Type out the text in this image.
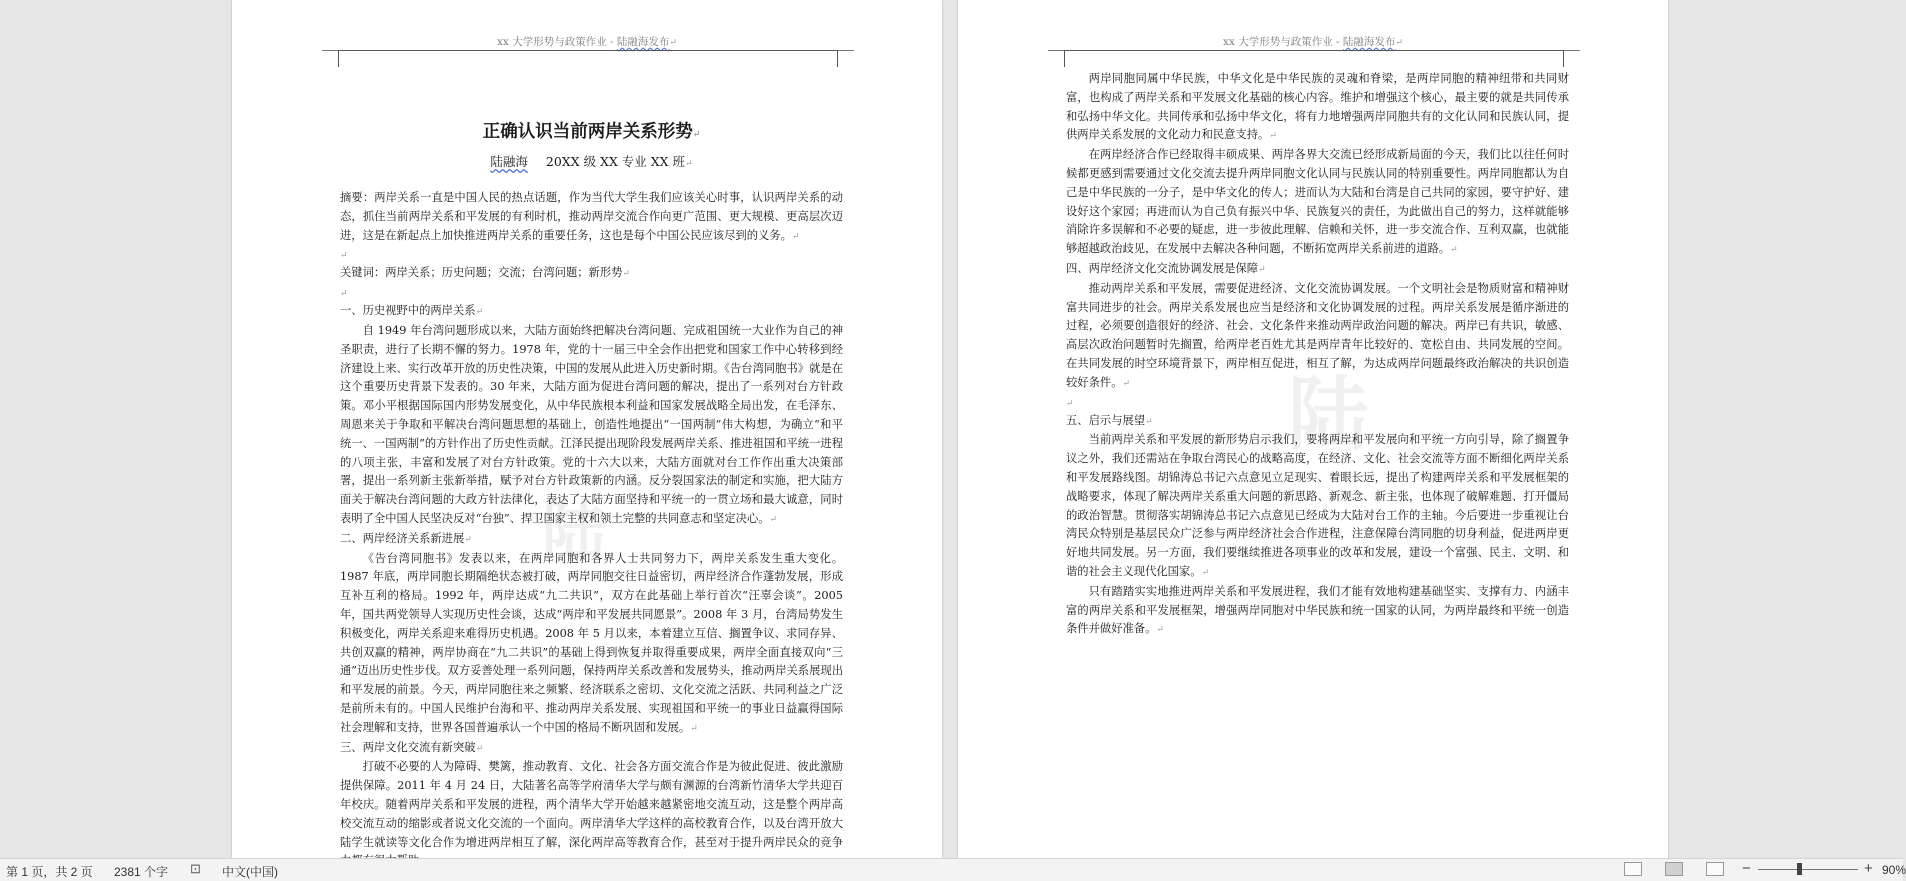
xx 大学形势与政策作业 - 陆融海发布↵
陆
正确认识当前两岸关系形势↵
陆融海 20XX 级 XX 专业 XX 班↵
摘要：两岸关系一直是中国人民的热点话题，作为当代大学生我们应该关心时事，认识两岸关系的动态，抓住当前两岸关系和平发展的有利时机，推动两岸交流合作向更广范围、更大规模、更高层次迈进，这是在新起点上加快推进两岸关系的重要任务，这也是每个中国公民应该尽到的义务。↵
↵
关键词：两岸关系；历史问题；交流；台湾问题；新形势↵
↵
一、历史视野中的两岸关系↵
自 1949 年台湾问题形成以来，大陆方面始终把解决台湾问题、完成祖国统一大业作为自己的神圣职责，进行了长期不懈的努力。1978 年，党的十一届三中全会作出把党和国家工作中心转移到经济建设上来、实行改革开放的历史性决策，中国的发展从此进入历史新时期。《告台湾同胞书》就是在这个重要历史背景下发表的。30 年来，大陆方面为促进台湾问题的解决，提出了一系列对台方针政策。邓小平根据国际国内形势发展变化，从中华民族根本利益和国家发展战略全局出发，在毛泽东、周恩来关于争取和平解决台湾问题思想的基础上，创造性地提出“一国两制”伟大构想，为确立“和平统一、一国两制”的方针作出了历史性贡献。江泽民提出现阶段发展两岸关系、推进祖国和平统一进程的八项主张，丰富和发展了对台方针政策。党的十六大以来，大陆方面就对台工作作出重大决策部署，提出一系列新主张新举措，赋予对台方针政策新的内涵。反分裂国家法的制定和实施，把大陆方面关于解决台湾问题的大政方针法律化，表达了大陆方面坚持和平统一的一贯立场和最大诚意，同时表明了全中国人民坚决反对“台独”、捍卫国家主权和领土完整的共同意志和坚定决心。↵
二、两岸经济关系新进展↵
《告台湾同胞书》发表以来，在两岸同胞和各界人士共同努力下，两岸关系发生重大变化。1987 年底，两岸同胞长期隔绝状态被打破，两岸同胞交往日益密切，两岸经济合作蓬勃发展，形成互补互利的格局。1992 年，两岸达成“九二共识”，双方在此基础上举行首次“汪辜会谈”。2005 年，国共两党领导人实现历史性会谈，达成“两岸和平发展共同愿景”。2008 年 3 月，台湾局势发生积极变化，两岸关系迎来难得历史机遇。2008 年 5 月以来，本着建立互信、搁置争议、求同存异、共创双赢的精神，两岸协商在“九二共识”的基础上得到恢复并取得重要成果，两岸全面直接双向“三通”迈出历史性步伐。双方妥善处理一系列问题，保持两岸关系改善和发展势头，推动两岸关系展现出和平发展的前景。今天，两岸同胞往来之频繁、经济联系之密切、文化交流之活跃、共同利益之广泛是前所未有的。中国人民维护台海和平、推动两岸关系发展、实现祖国和平统一的事业日益赢得国际社会理解和支持，世界各国普遍承认一个中国的格局不断巩固和发展。↵
三、两岸文化交流有新突破↵
打破不必要的人为障碍、樊篱，推动教育、文化、社会各方面交流合作是为彼此促进、彼此激励提供保障。2011 年 4 月 24 日，大陆著名高等学府清华大学与颇有渊源的台湾新竹清华大学共迎百年校庆。随着两岸关系和平发展的进程，两个清华大学开始越来越紧密地交流互动，这是整个两岸高校交流互动的缩影或者说文化交流的一个面向。两岸清华大学这样的高校教育合作，以及台湾开放大陆学生就读等文化合作为增进两岸相互了解，深化两岸高等教育合作，甚至对于提升两岸民众的竞争
xx 大学形势与政策作业 - 陆融海发布↵
陆
两岸同胞同属中华民族，中华文化是中华民族的灵魂和脊梁，是两岸同胞的精神纽带和共同财富，也构成了两岸关系和平发展文化基础的核心内容。维护和增强这个核心，最主要的就是共同传承和弘扬中华文化。共同传承和弘扬中华文化，将有力地增强两岸同胞共有的文化认同和民族认同，提供两岸关系发展的文化动力和民意支持。↵
在两岸经济合作已经取得丰硕成果、两岸各界大交流已经形成新局面的今天，我们比以往任何时候都更感到需要通过文化交流去提升两岸同胞文化认同与民族认同的特别重要性。两岸同胞都认为自己是中华民族的一分子，是中华文化的传人；进而认为大陆和台湾是自己共同的家园，要守护好、建设好这个家园；再进而认为自己负有振兴中华、民族复兴的责任，为此做出自己的努力，这样就能够消除许多误解和不必要的疑虑，进一步彼此理解、信赖和关怀，进一步交流合作、互利双赢，也就能够超越政治歧见，在发展中去解决各种问题，不断拓宽两岸关系前进的道路。↵
四、两岸经济文化交流协调发展是保障↵
推动两岸关系和平发展，需要促进经济、文化交流协调发展。一个文明社会是物质财富和精神财富共同进步的社会。两岸关系发展也应当是经济和文化协调发展的过程。两岸关系发展是循序渐进的过程，必须要创造很好的经济、社会、文化条件来推动两岸政治问题的解决。两岸已有共识，敏感、高层次政治问题暂时先搁置，给两岸老百姓尤其是两岸青年比较好的、宽松自由、共同发展的空间。在共同发展的时空环境背景下，两岸相互促进，相互了解，为达成两岸问题最终政治解决的共识创造较好条件。↵
↵
五、启示与展望↵
当前两岸关系和平发展的新形势启示我们，要将两岸和平发展向和平统一方向引导，除了搁置争议之外，我们还需站在争取台湾民心的战略高度，在经济、文化、社会交流等方面不断细化两岸关系和平发展路线图。胡锦涛总书记六点意见立足现实、着眼长远，提出了构建两岸关系和平发展框架的战略要求，体现了解决两岸关系重大问题的新思路、新观念、新主张，也体现了破解难题、打开僵局的政治智慧。贯彻落实胡锦涛总书记六点意见已经成为大陆对台工作的主轴。今后要进一步重视让台湾民众特别是基层民众广泛参与两岸经济社会合作进程，注意保障台湾同胞的切身利益，促进两岸更好地共同发展。另一方面，我们要继续推进各项事业的改革和发展，建设一个富强、民主、文明、和谐的社会主义现代化国家。↵
只有踏踏实实地推进两岸关系和平发展进程，我们才能有效地构建基础坚实、支撑有力、内涵丰富的两岸关系和平发展框架，增强两岸同胞对中华民族和统一国家的认同，为两岸最终和平统一创造条件并做好准备。↵
第 1 页，共 2 页 2381 个字 ⊡ 中文(中国)	−	+ 90%
